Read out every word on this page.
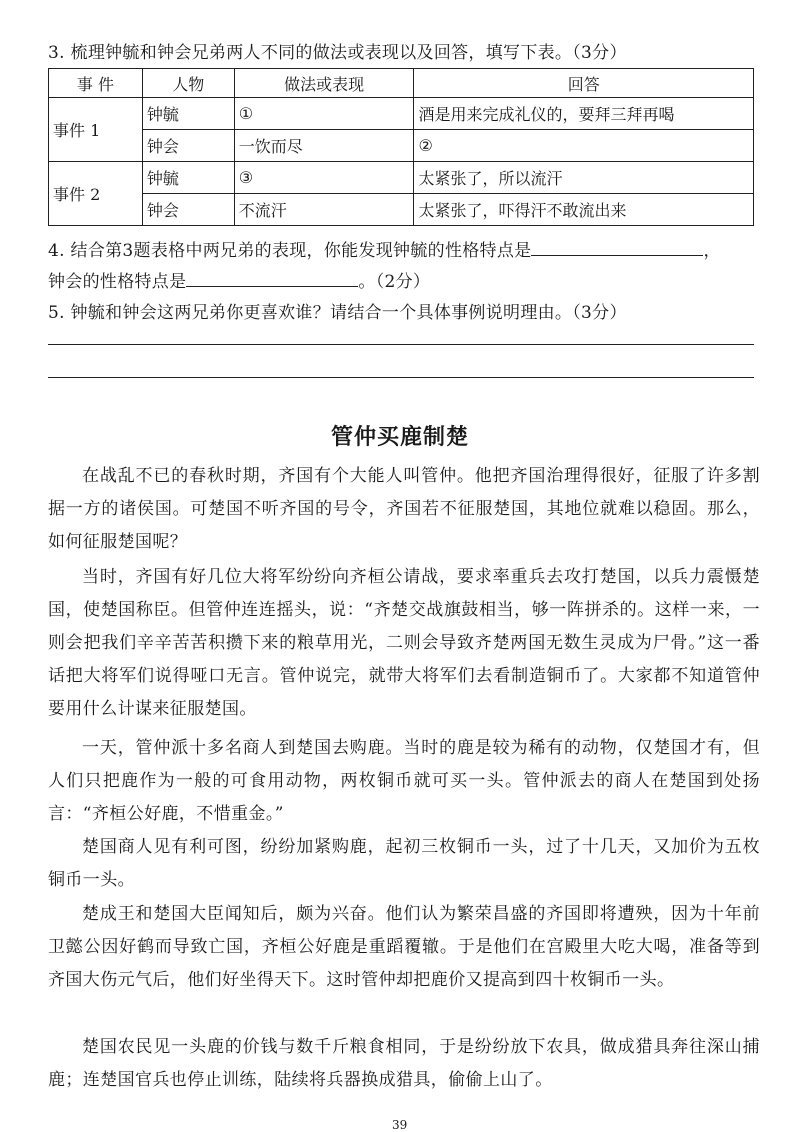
3. 梳理钟毓和钟会兄弟两人不同的做法或表现以及回答，填写下表。（3分）
事 件	人物	做法或表现	回答
事件 1	钟毓	①	酒是用来完成礼仪的，要拜三拜再喝
	钟会	一饮而尽	②
事件 2	钟毓	③	太紧张了，所以流汗
	钟会	不流汗	太紧张了，吓得汗不敢流出来
4. 结合第3题表格中两兄弟的表现，你能发现钟毓的性格特点是	，
钟会的性格特点是	。（2分）
5. 钟毓和钟会这两兄弟你更喜欢谁？请结合一个具体事例说明理由。（3分）
管仲买鹿制楚
在战乱不已的春秋时期，齐国有个大能人叫管仲。他把齐国治理得很好，征服了许多割据一方的诸侯国。可楚国不听齐国的号令，齐国若不征服楚国，其地位就难以稳固。那么，如何征服楚国呢？
当时，齐国有好几位大将军纷纷向齐桓公请战，要求率重兵去攻打楚国，以兵力震慑楚国，使楚国称臣。但管仲连连摇头，说：“齐楚交战旗鼓相当，够一阵拼杀的。这样一来，一则会把我们辛辛苦苦积攒下来的粮草用光，二则会导致齐楚两国无数生灵成为尸骨。”这一番话把大将军们说得哑口无言。管仲说完，就带大将军们去看制造铜币了。大家都不知道管仲要用什么计谋来征服楚国。
一天，管仲派十多名商人到楚国去购鹿。当时的鹿是较为稀有的动物，仅楚国才有，但人们只把鹿作为一般的可食用动物，两枚铜币就可买一头。管仲派去的商人在楚国到处扬言：“齐桓公好鹿，不惜重金。”
楚国商人见有利可图，纷纷加紧购鹿，起初三枚铜币一头，过了十几天，又加价为五枚铜币一头。
楚成王和楚国大臣闻知后，颇为兴奋。他们认为繁荣昌盛的齐国即将遭殃，因为十年前卫懿公因好鹤而导致亡国，齐桓公好鹿是重蹈覆辙。于是他们在宫殿里大吃大喝，准备等到齐国大伤元气后，他们好坐得天下。这时管仲却把鹿价又提高到四十枚铜币一头。
楚国农民见一头鹿的价钱与数千斤粮食相同，于是纷纷放下农具，做成猎具奔往深山捕鹿；连楚国官兵也停止训练，陆续将兵器换成猎具，偷偷上山了。
39
